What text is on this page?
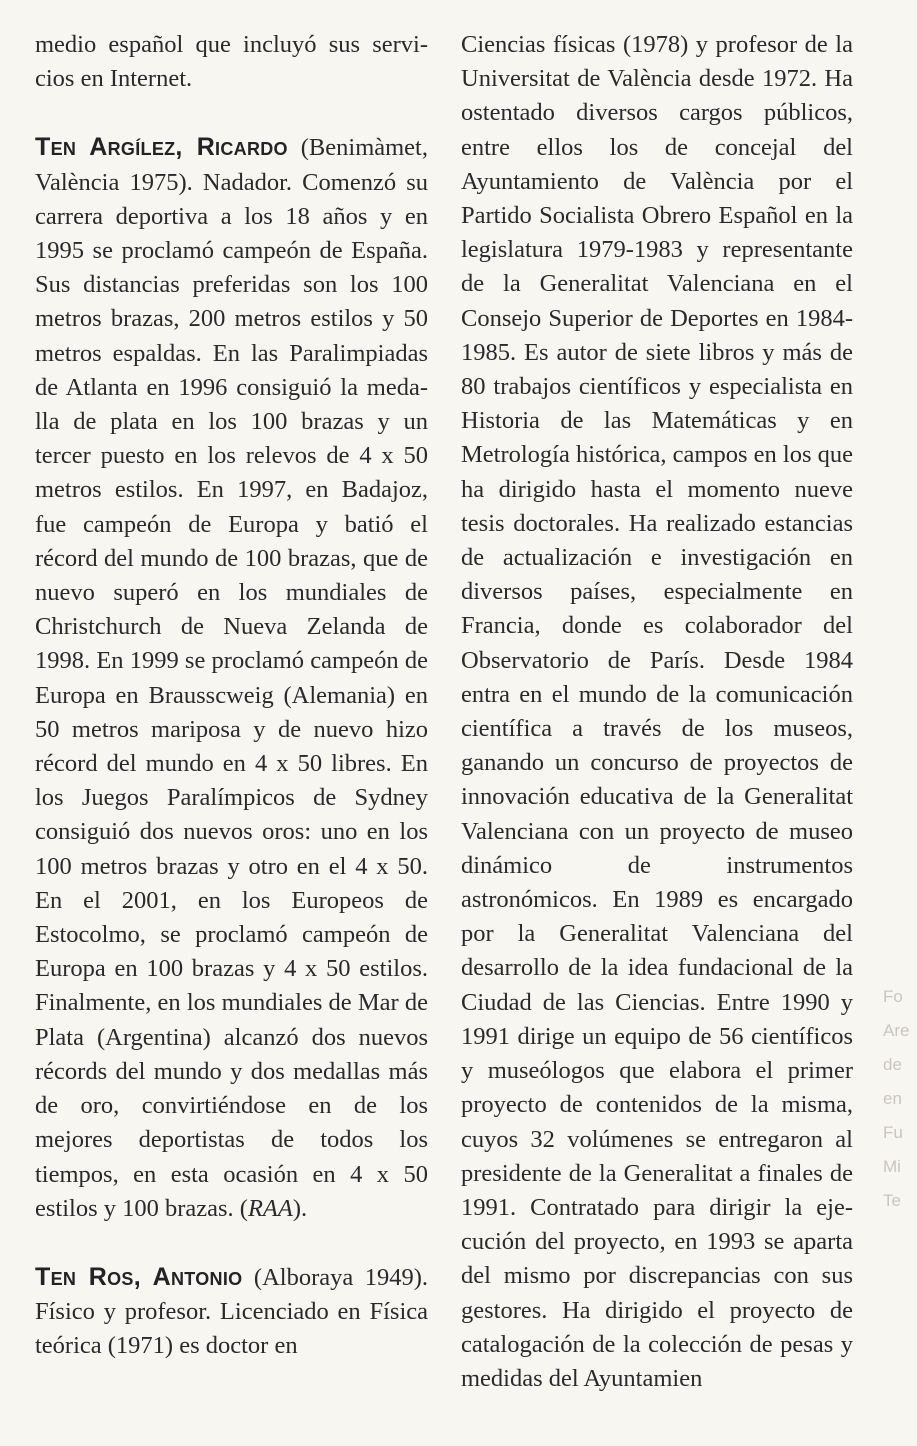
medio español que incluyó sus servicios en Internet.

Ten Argílez, Ricardo (Benimàmet, València 1975). Nadador. Comenzó su carrera deportiva a los 18 años y en 1995 se proclamó campeón de España. Sus distancias preferidas son los 100 metros brazas, 200 metros estilos y 50 metros espaldas. En las Paralimpiadas de Atlanta en 1996 consiguió la medalla de plata en los 100 brazas y un tercer puesto en los relevos de 4 x 50 metros estilos. En 1997, en Badajoz, fue campeón de Europa y batió el récord del mundo de 100 brazas, que de nuevo superó en los mundiales de Christchurch de Nueva Zelanda de 1998. En 1999 se proclamó campeón de Europa en Brausscweig (Alemania) en 50 metros mariposa y de nuevo hizo récord del mundo en 4 x 50 libres. En los Juegos Paralímpicos de Sydney consiguió dos nuevos oros: uno en los 100 metros brazas y otro en el 4 x 50. En el 2001, en los Europeos de Estocolmo, se proclamó campeón de Europa en 100 brazas y 4 x 50 estilos. Finalmente, en los mundiales de Mar de Plata (Argentina) alcanzó dos nuevos récords del mundo y dos medallas más de oro, convirtiéndose en de los mejores deportistas de todos los tiempos, en esta ocasión en 4 x 50 estilos y 100 brazas. (RAA).

Ten Ros, Antonio (Alboraya 1949). Físico y profesor. Licenciado en Física teórica (1971) es doctor en

Ciencias físicas (1978) y profesor de la Universitat de València desde 1972. Ha ostentado diversos cargos públicos, entre ellos los de concejal del Ayuntamiento de València por el Partido Socialista Obrero Español en la legislatura 1979-1983 y representante de la Generalitat Valenciana en el Consejo Superior de Deportes en 1984-1985. Es autor de siete libros y más de 80 trabajos científicos y especialista en Historia de las Matemáticas y en Metrología histórica, campos en los que ha dirigido hasta el momento nueve tesis doctorales. Ha realizado estancias de actualización e investigación en diversos países, especialmente en Francia, donde es colaborador del Observatorio de París. Desde 1984 entra en el mundo de la comunicación científica a través de los museos, ganando un concurso de proyectos de innovación educativa de la Generalitat Valenciana con un proyecto de museo dinámico de instrumentos astronómicos. En 1989 es encargado por la Generalitat Valenciana del desarrollo de la idea fundacional de la Ciudad de las Ciencias. Entre 1990 y 1991 dirige un equipo de 56 científicos y museólogos que elabora el primer proyecto de contenidos de la misma, cuyos 32 volúmenes se entregaron al presidente de la Generalitat a finales de 1991. Contratado para dirigir la ejecución del proyecto, en 1993 se aparta del mismo por discrepancias con sus gestores. Ha dirigido el proyecto de catalogación de la colección de pesas y medidas del Ayuntamien

Fo
Are
de
en
Fu
Mi
Te
